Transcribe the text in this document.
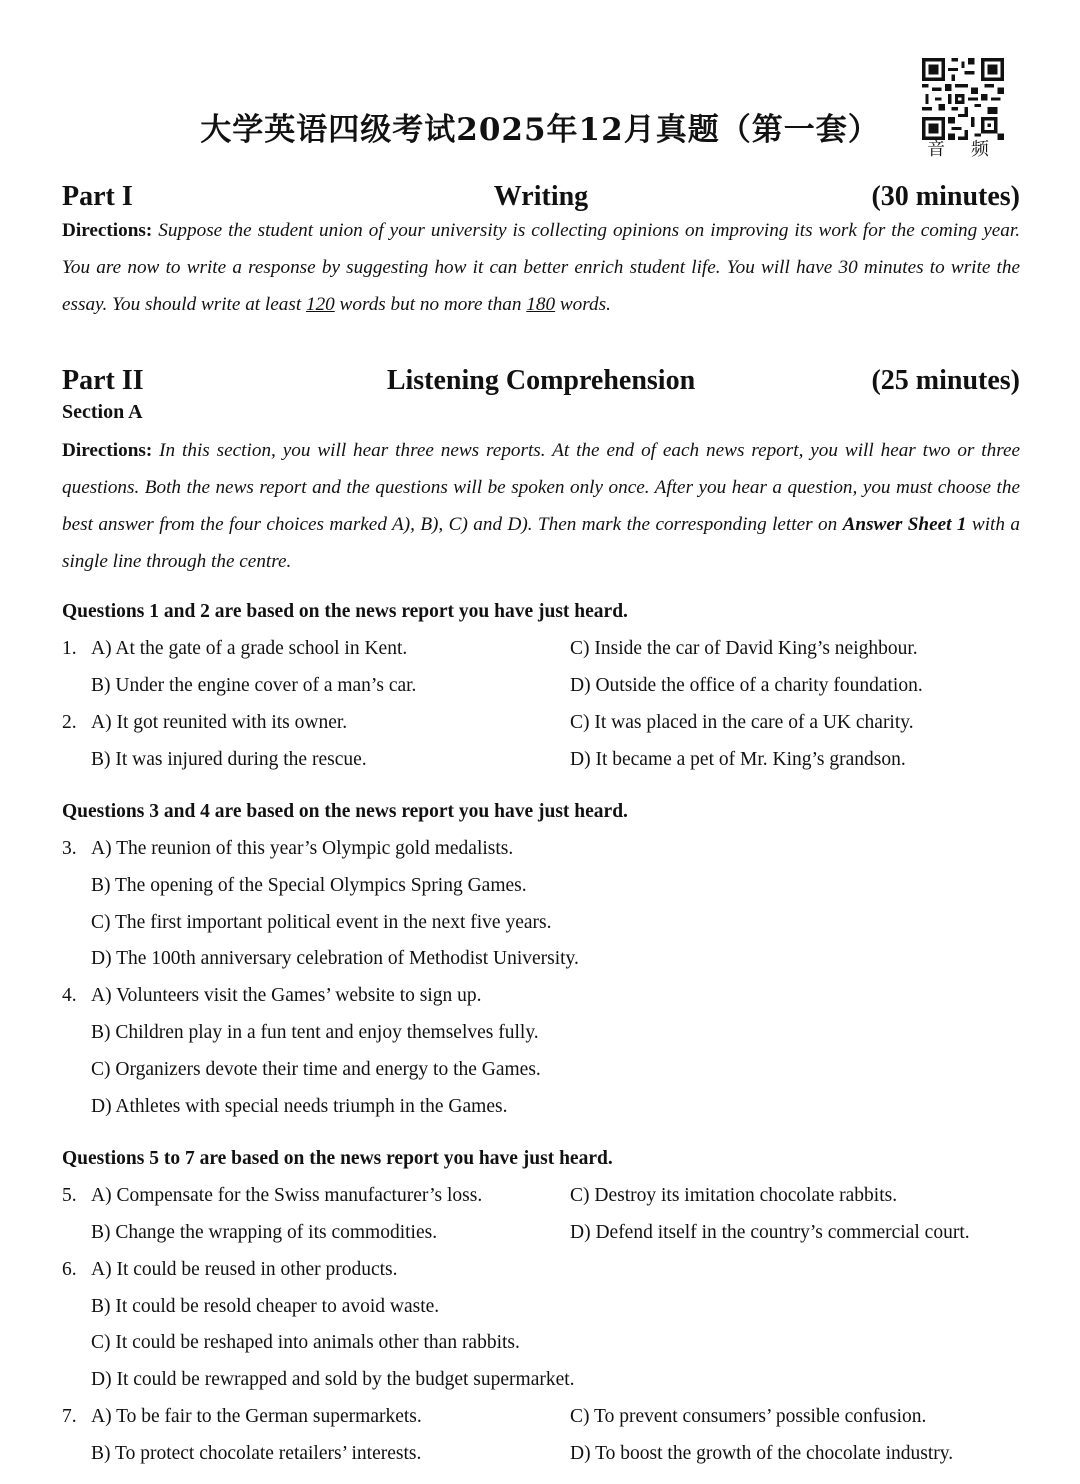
大学英语四级考试2025年12月真题（第一套）
音 频
Part I	Writing	(30 minutes)
Directions: Suppose the student union of your university is collecting opinions on improving its work for the coming year. You are now to write a response by suggesting how it can better enrich student life. You will have 30 minutes to write the essay. You should write at least 120 words but no more than 180 words.
Part II	Listening Comprehension	(25 minutes)
Section A
Directions: In this section, you will hear three news reports. At the end of each news report, you will hear two or three questions. Both the news report and the questions will be spoken only once. After you hear a question, you must choose the best answer from the four choices marked A), B), C) and D). Then mark the corresponding letter on Answer Sheet 1 with a single line through the centre.
Questions 1 and 2 are based on the news report you have just heard.
1. A) At the gate of a grade school in Kent.	C) Inside the car of David King’s neighbour.
B) Under the engine cover of a man’s car.	D) Outside the office of a charity foundation.
2. A) It got reunited with its owner.	C) It was placed in the care of a UK charity.
B) It was injured during the rescue.	D) It became a pet of Mr. King’s grandson.
Questions 3 and 4 are based on the news report you have just heard.
3. A) The reunion of this year’s Olympic gold medalists.
B) The opening of the Special Olympics Spring Games.
C) The first important political event in the next five years.
D) The 100th anniversary celebration of Methodist University.
4. A) Volunteers visit the Games’ website to sign up.
B) Children play in a fun tent and enjoy themselves fully.
C) Organizers devote their time and energy to the Games.
D) Athletes with special needs triumph in the Games.
Questions 5 to 7 are based on the news report you have just heard.
5. A) Compensate for the Swiss manufacturer’s loss.	C) Destroy its imitation chocolate rabbits.
B) Change the wrapping of its commodities.	D) Defend itself in the country’s commercial court.
6. A) It could be reused in other products.
B) It could be resold cheaper to avoid waste.
C) It could be reshaped into animals other than rabbits.
D) It could be rewrapped and sold by the budget supermarket.
7. A) To be fair to the German supermarkets.	C) To prevent consumers’ possible confusion.
B) To protect chocolate retailers’ interests.	D) To boost the growth of the chocolate industry.
